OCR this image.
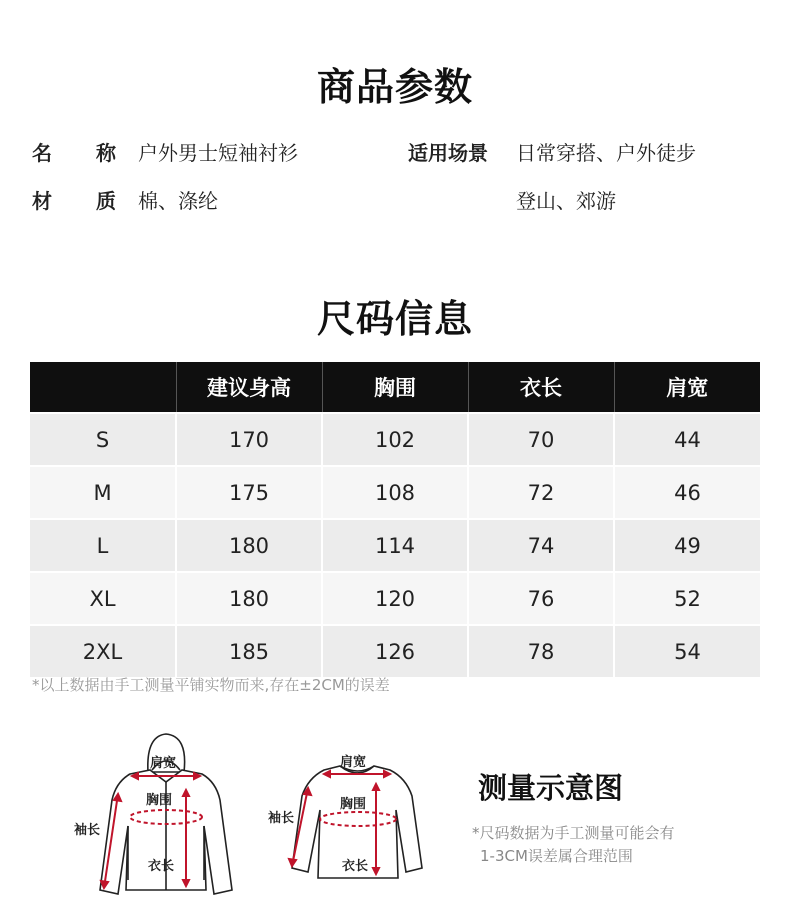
商品参数
名 称 户外男士短袖衬衫
材 质 棉、涤纶
适用场景 日常穿搭、户外徒步
登山、郊游
尺码信息
	建议身高	胸围	衣长	肩宽
S	170	102	70	44
M	175	108	72	46
L	180	114	74	49
XL	180	120	76	52
2XL	185	126	78	54
*以上数据由手工测量平铺实物而来,存在±2CM的误差
肩宽
胸围
袖长
衣长
肩宽
胸围
袖长
衣长
测量示意图
*尺码数据为手工测量可能会有
1-3CM误差属合理范围
